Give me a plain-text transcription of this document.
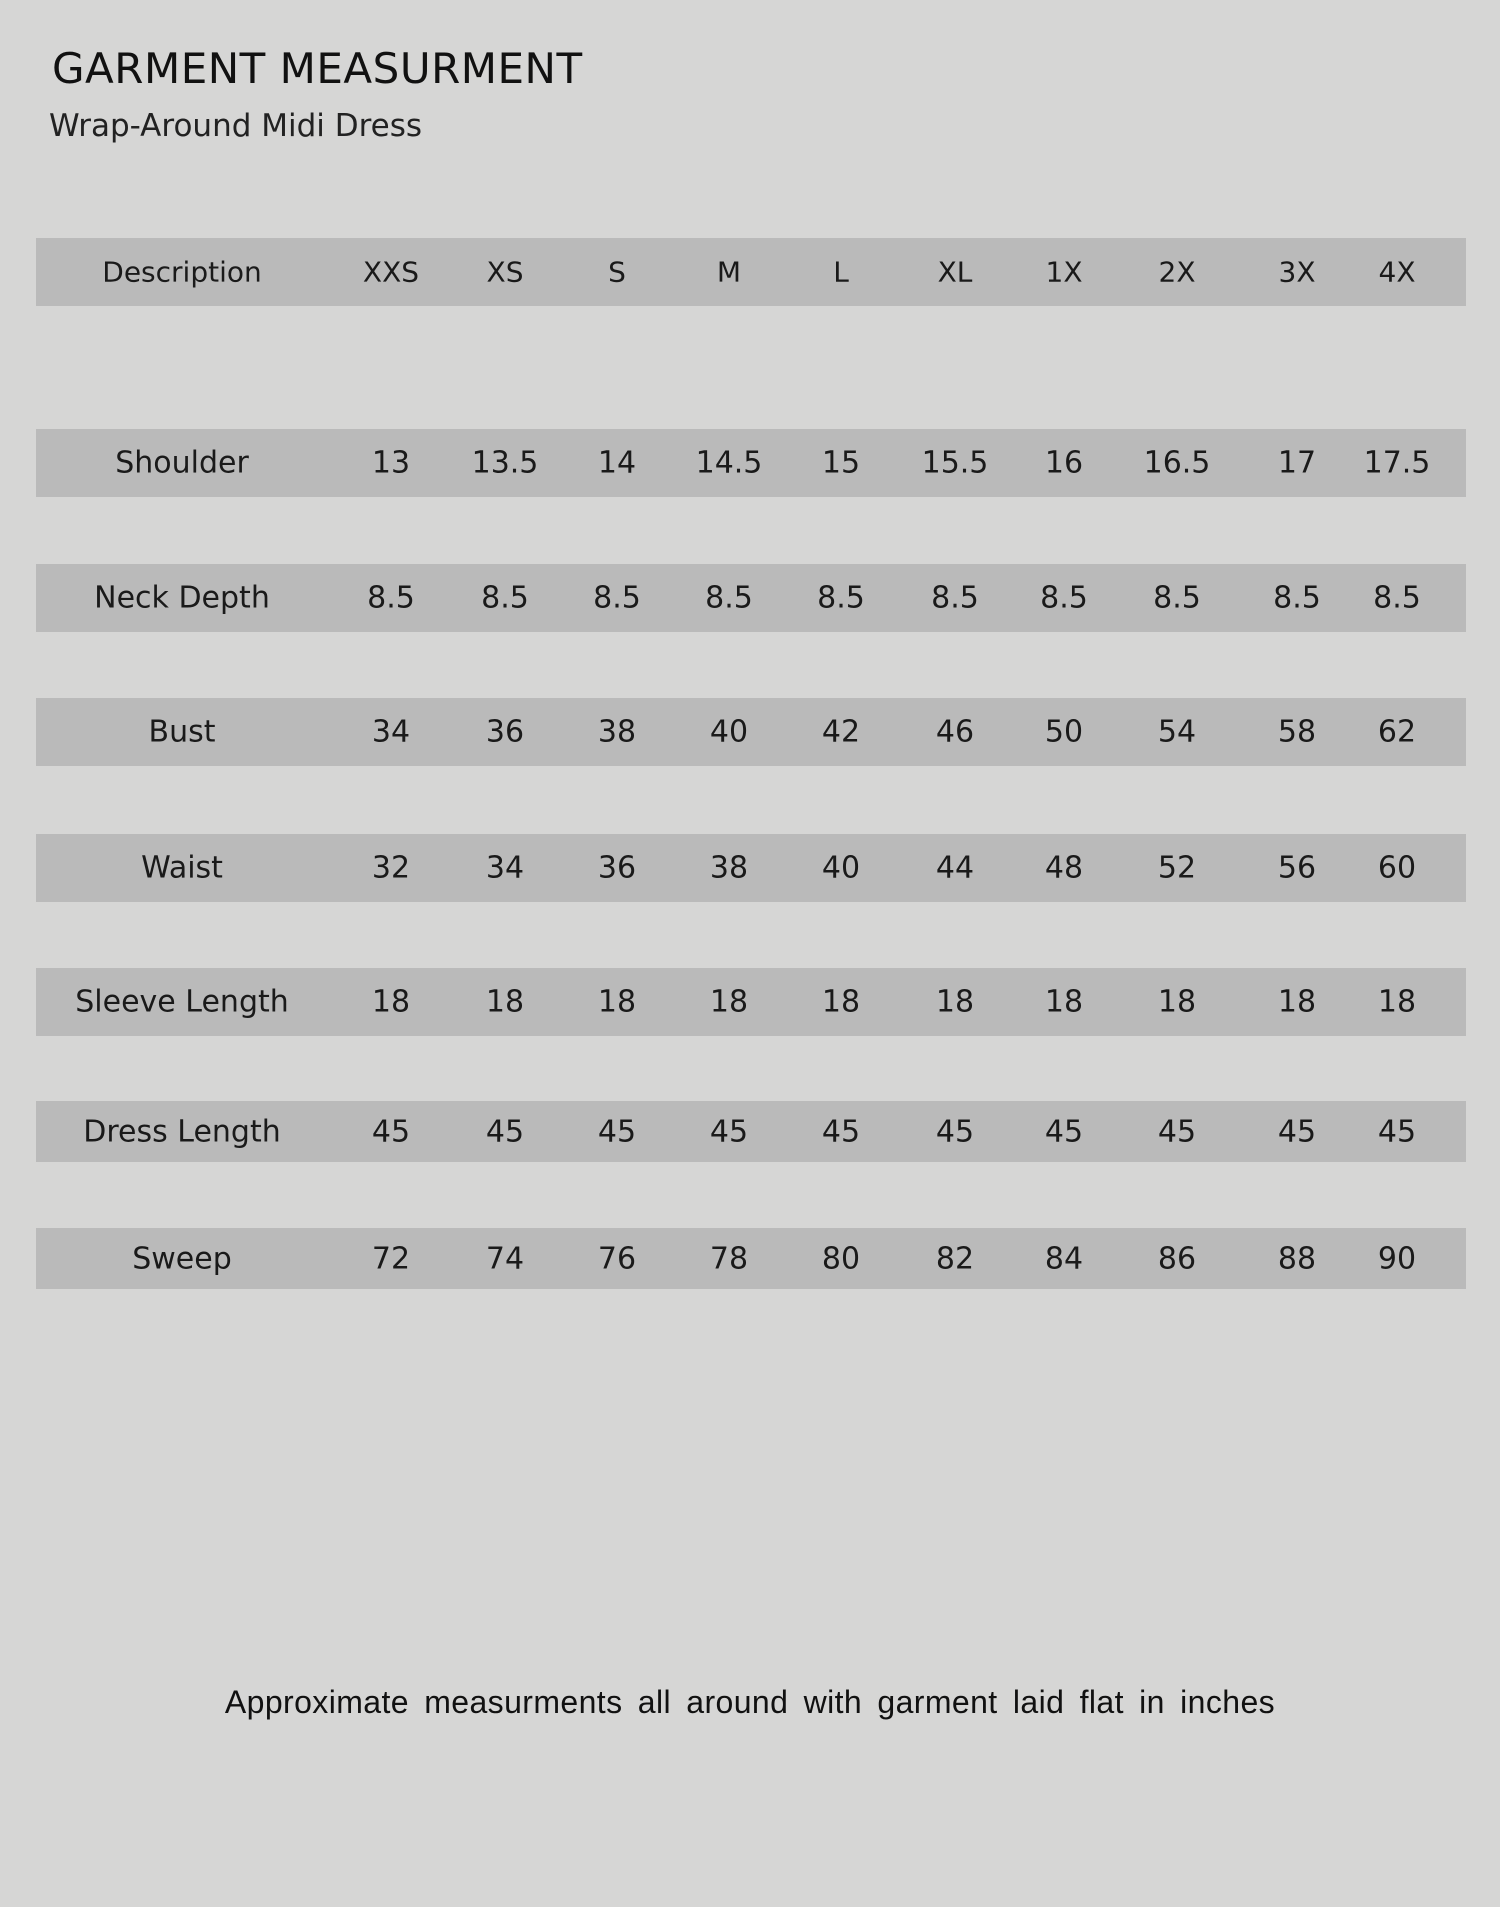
GARMENT MEASURMENT
Wrap-Around Midi Dress
Description	XXS XS	S	M	L	XL	1X	2X	3X 4X
Shoulder	13 13.5 14 14.5 15 15.5 16 16.5 17 17.5
Neck Depth	8.5 8.5 8.5 8.5 8.5 8.5 8.5 8.5 8.5 8.5
Bust	34	36 38 40 42	46 50 54	58 62
Waist	32	34 36 38 40	44 48 52	56 60
Sleeve Length	18	18 18 18 18	18 18 18	18 18
Dress Length	45	45 45 45 45	45 45 45	45 45
Sweep	72	74 76 78 80	82 84 86	88 90
Approximate measurments all around with garment laid flat in inches
